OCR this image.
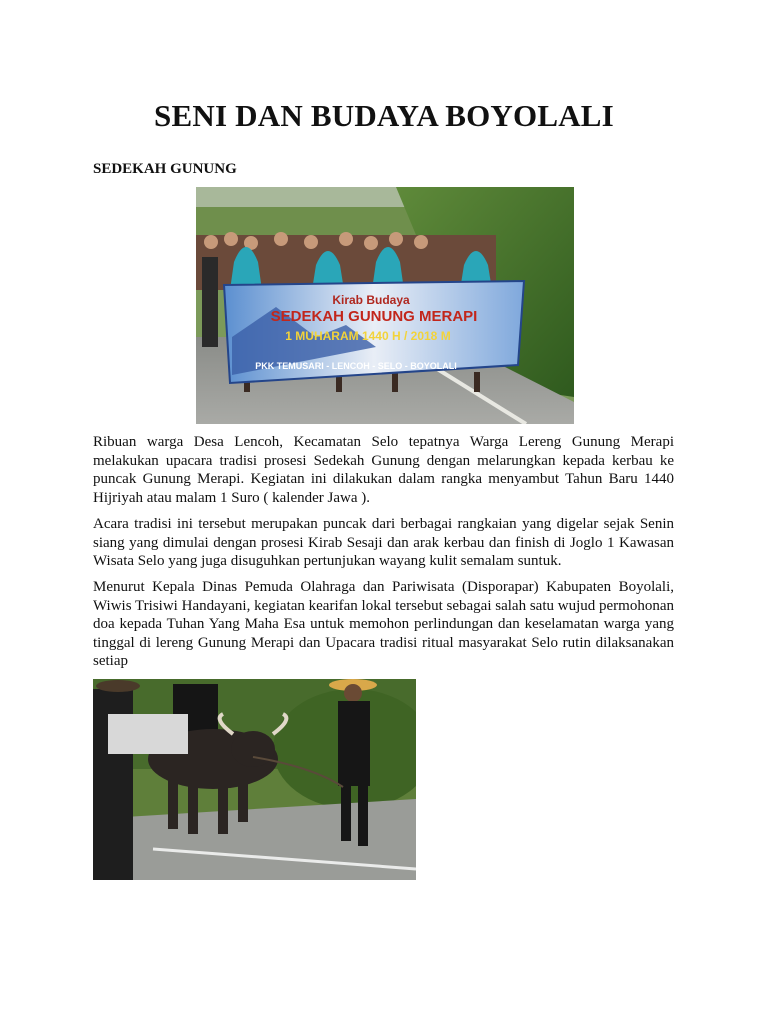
SENI DAN BUDAYA BOYOLALI
SEDEKAH GUNUNG
Kirab Budaya
SEDEKAH GUNUNG MERAPI
1 MUHARAM 1440 H / 2018 M
PKK TEMUSARI - LENCOH - SELO - BOYOLALI

Ribuan warga Desa Lencoh, Kecamatan Selo tepatnya Warga Lereng Gunung Merapi melakukan upacara tradisi prosesi Sedekah Gunung dengan melarungkan kepada kerbau ke puncak Gunung Merapi. Kegiatan ini dilakukan dalam rangka menyambut Tahun Baru 1440 Hijriyah atau malam 1 Suro ( kalender Jawa ).

Acara tradisi ini tersebut merupakan puncak dari berbagai rangkaian yang digelar sejak Senin siang yang dimulai dengan prosesi Kirab Sesaji dan arak kerbau dan finish di Joglo 1 Kawasan Wisata Selo yang juga disuguhkan pertunjukan wayang kulit semalam suntuk.

Menurut Kepala Dinas Pemuda Olahraga dan Pariwisata (Disporapar) Kabupaten Boyolali, Wiwis Trisiwi Handayani, kegiatan kearifan lokal tersebut sebagai salah satu wujud permohonan doa kepada Tuhan Yang Maha Esa untuk memohon perlindungan dan keselamatan warga yang tinggal di lereng Gunung Merapi dan Upacara tradisi ritual masyarakat Selo rutin dilaksanakan setiap
